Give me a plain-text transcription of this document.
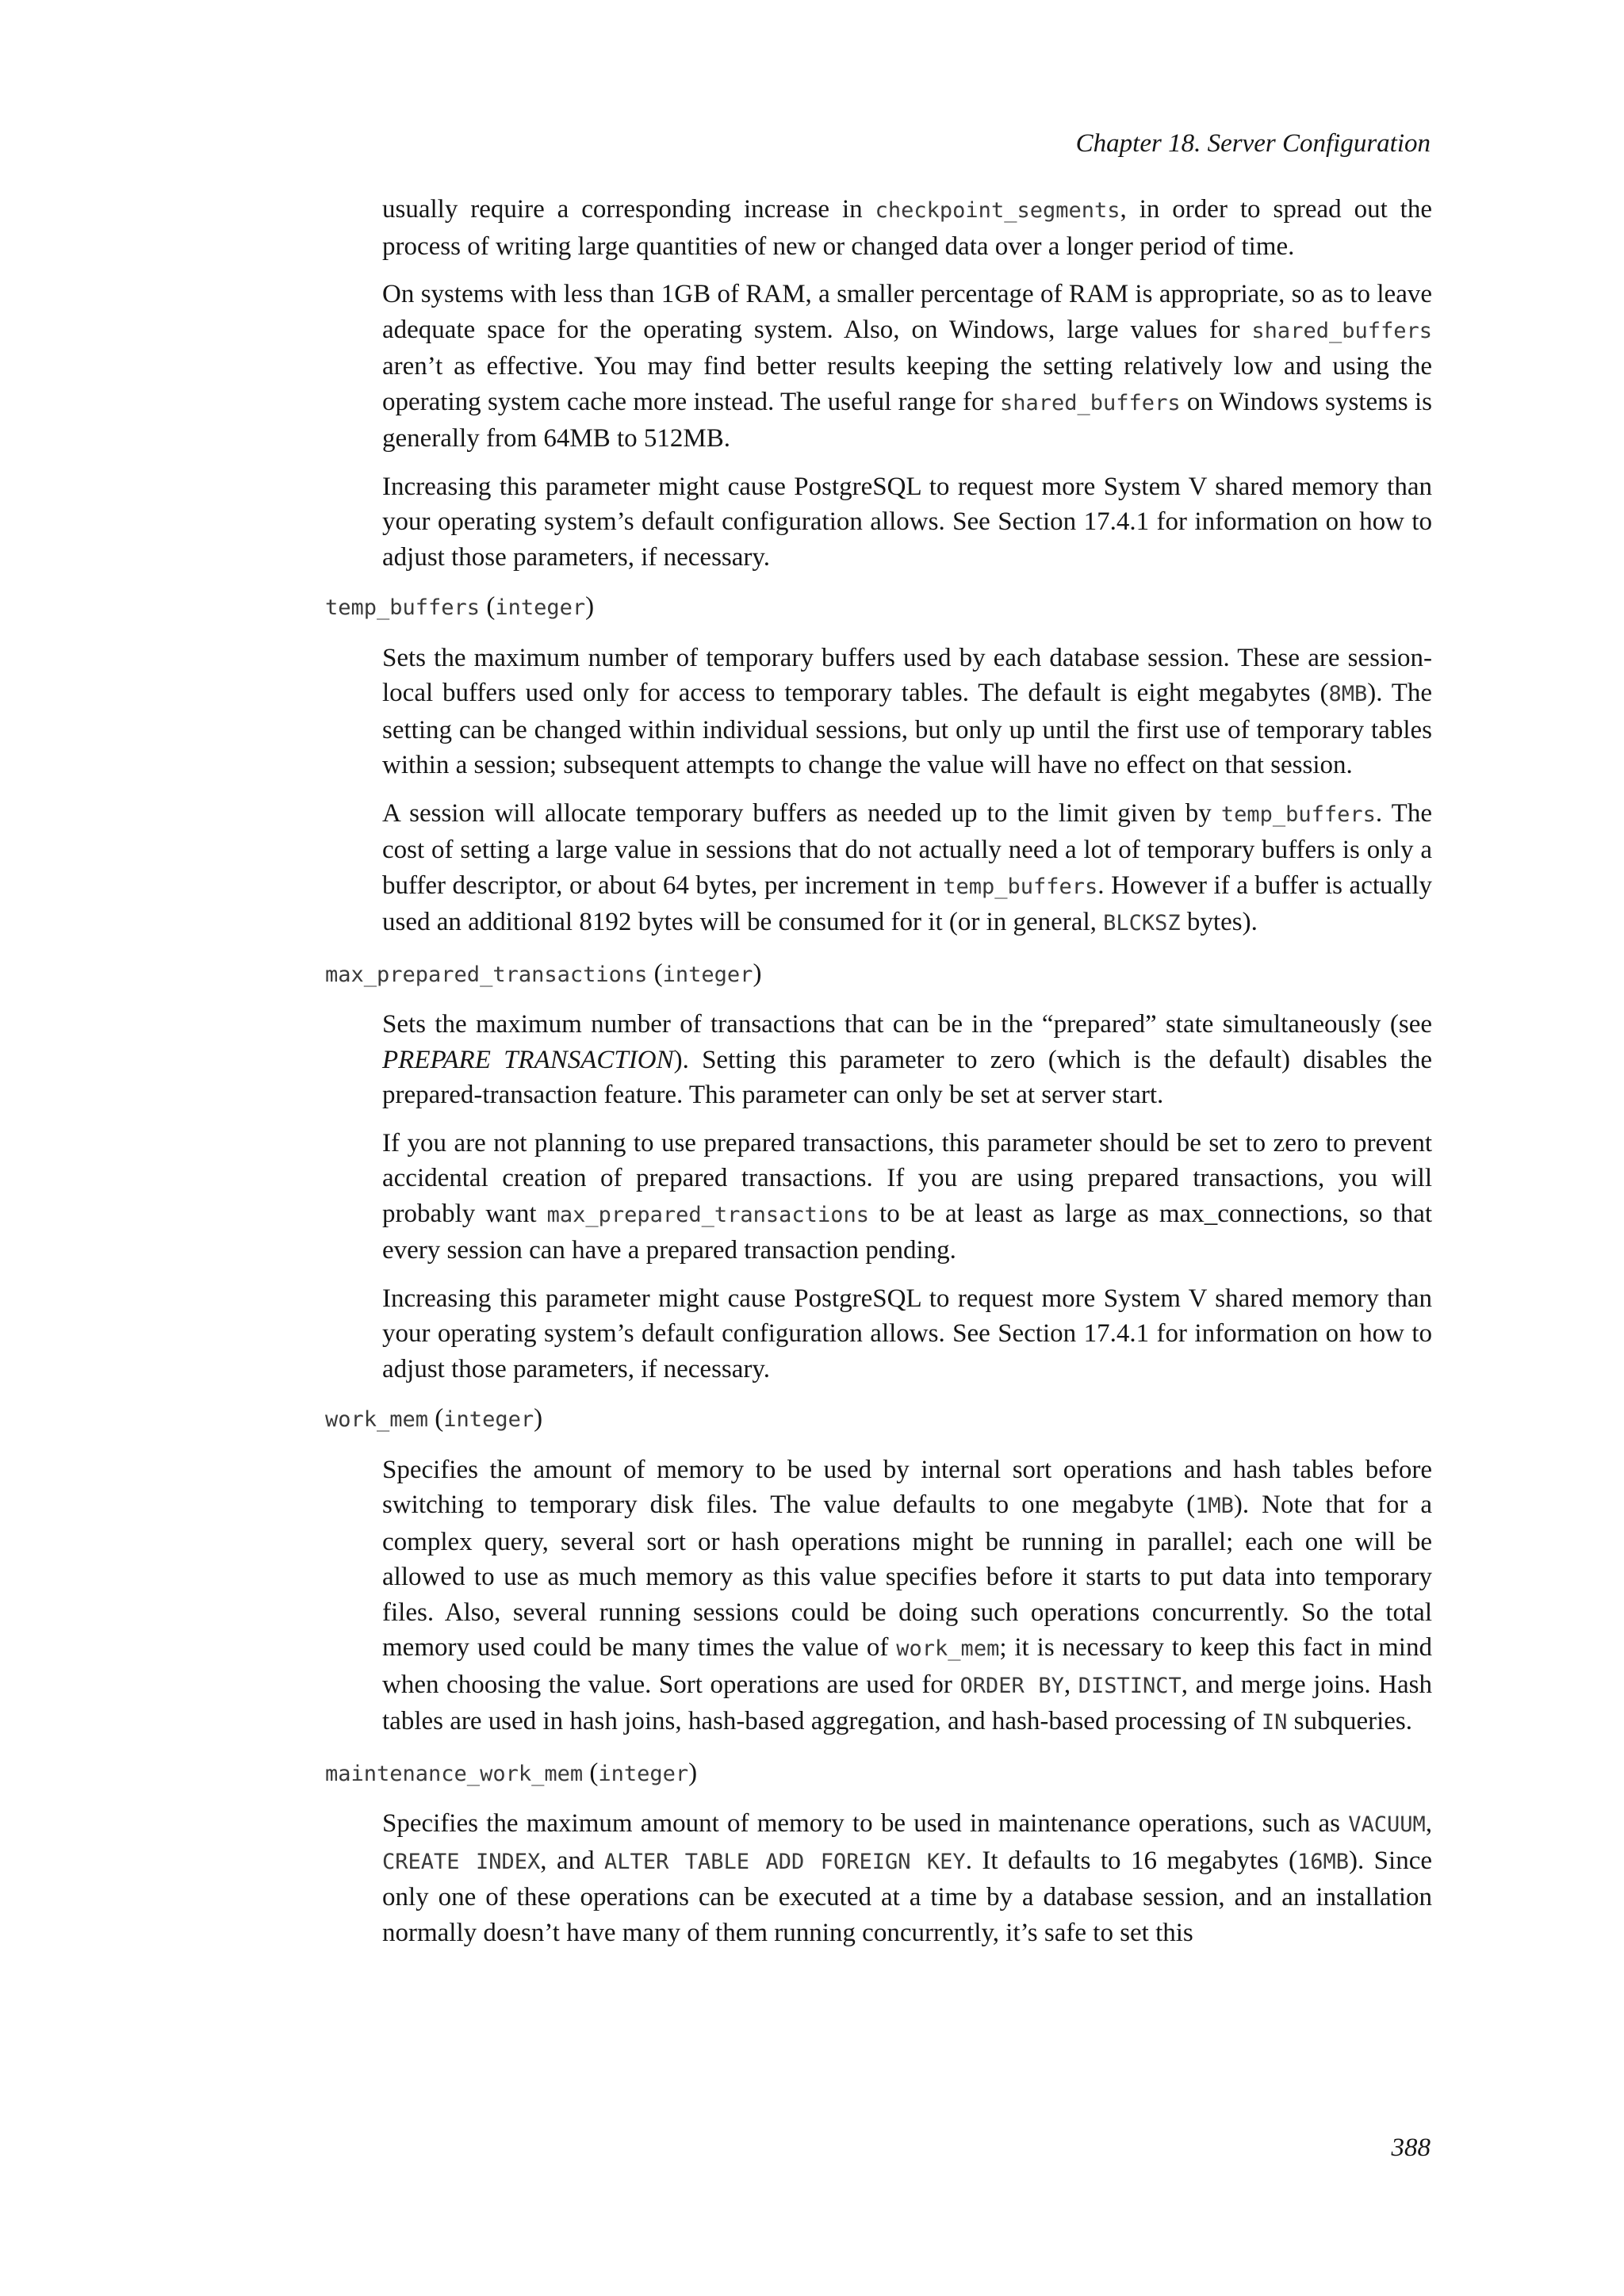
Chapter 18. Server Configuration

usually require a corresponding increase in checkpoint_segments, in order to spread out the process of writing large quantities of new or changed data over a longer period of time.

On systems with less than 1GB of RAM, a smaller percentage of RAM is appropriate, so as to leave adequate space for the operating system. Also, on Windows, large values for shared_buffers aren’t as effective. You may find better results keeping the setting relatively low and using the operating system cache more instead. The useful range for shared_buffers on Windows systems is generally from 64MB to 512MB.

Increasing this parameter might cause PostgreSQL to request more System V shared memory than your operating system’s default configuration allows. See Section 17.4.1 for information on how to adjust those parameters, if necessary.

temp_buffers (integer)

Sets the maximum number of temporary buffers used by each database session. These are session-local buffers used only for access to temporary tables. The default is eight megabytes (8MB). The setting can be changed within individual sessions, but only up until the first use of temporary tables within a session; subsequent attempts to change the value will have no effect on that session.

A session will allocate temporary buffers as needed up to the limit given by temp_buffers. The cost of setting a large value in sessions that do not actually need a lot of temporary buffers is only a buffer descriptor, or about 64 bytes, per increment in temp_buffers. However if a buffer is actually used an additional 8192 bytes will be consumed for it (or in general, BLCKSZ bytes).

max_prepared_transactions (integer)

Sets the maximum number of transactions that can be in the “prepared” state simultaneously (see PREPARE TRANSACTION). Setting this parameter to zero (which is the default) disables the prepared-transaction feature. This parameter can only be set at server start.

If you are not planning to use prepared transactions, this parameter should be set to zero to prevent accidental creation of prepared transactions. If you are using prepared transactions, you will probably want max_prepared_transactions to be at least as large as max_connections, so that every session can have a prepared transaction pending.

Increasing this parameter might cause PostgreSQL to request more System V shared memory than your operating system’s default configuration allows. See Section 17.4.1 for information on how to adjust those parameters, if necessary.

work_mem (integer)

Specifies the amount of memory to be used by internal sort operations and hash tables before switching to temporary disk files. The value defaults to one megabyte (1MB). Note that for a complex query, several sort or hash operations might be running in parallel; each one will be allowed to use as much memory as this value specifies before it starts to put data into temporary files. Also, several running sessions could be doing such operations concurrently. So the total memory used could be many times the value of work_mem; it is necessary to keep this fact in mind when choosing the value. Sort operations are used for ORDER BY, DISTINCT, and merge joins. Hash tables are used in hash joins, hash-based aggregation, and hash-based processing of IN subqueries.

maintenance_work_mem (integer)

Specifies the maximum amount of memory to be used in maintenance operations, such as VACUUM, CREATE INDEX, and ALTER TABLE ADD FOREIGN KEY. It defaults to 16 megabytes (16MB). Since only one of these operations can be executed at a time by a database session, and an installation normally doesn’t have many of them running concurrently, it’s safe to set this

388
